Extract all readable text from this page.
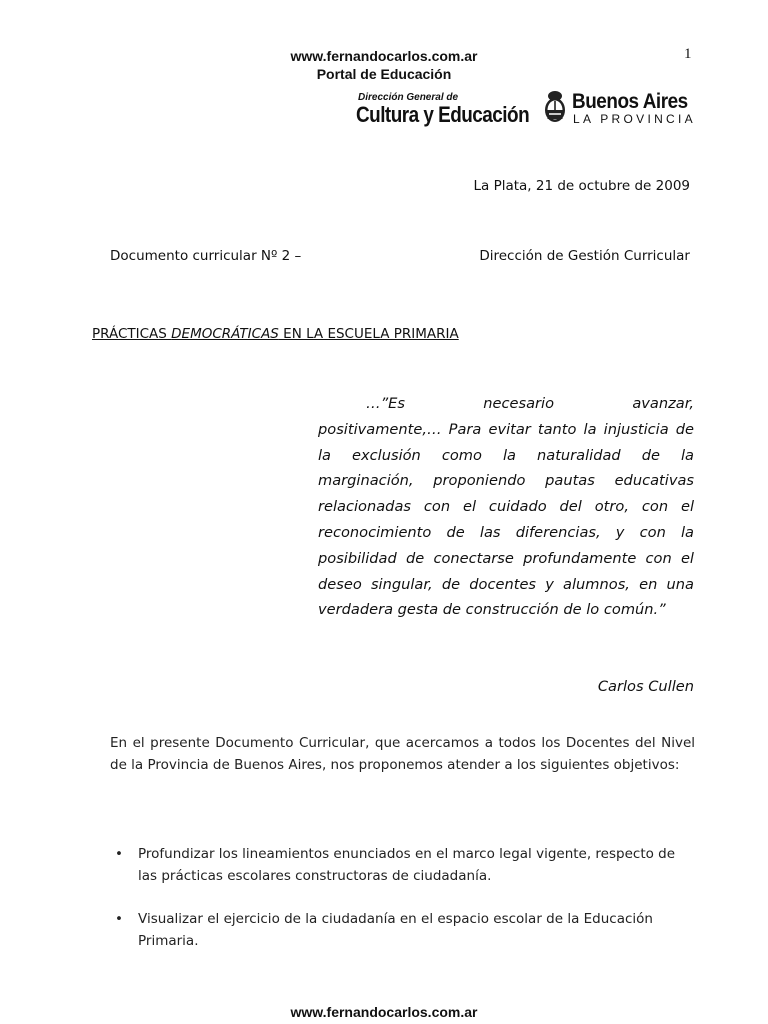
www.fernandocarlos.com.ar
Portal de Educación
1
Dirección General de
Cultura y Educación
Buenos Aires
LA PROVINCIA
La Plata, 21 de octubre de 2009
Documento curricular Nº 2 –	Dirección de Gestión Curricular
PRÁCTICAS DEMOCRÁTICAS EN LA ESCUELA PRIMARIA
…”Es necesario avanzar,
positivamente,… Para evitar tanto la injusticia de la exclusión como la naturalidad de la marginación, proponiendo pautas educativas relacionadas con el cuidado del otro, con el reconocimiento de las diferencias, y con la posibilidad de conectarse profundamente con el deseo singular, de docentes y alumnos, en una verdadera gesta de construcción de lo común.”
Carlos Cullen
En el presente Documento Curricular, que acercamos a todos los Docentes del Nivel de la Provincia de Buenos Aires, nos proponemos atender a los siguientes objetivos:
• Profundizar los lineamientos enunciados en el marco legal vigente, respecto de las prácticas escolares constructoras de ciudadanía.
• Visualizar el ejercicio de la ciudadanía en el espacio escolar de la Educación Primaria.
www.fernandocarlos.com.ar
